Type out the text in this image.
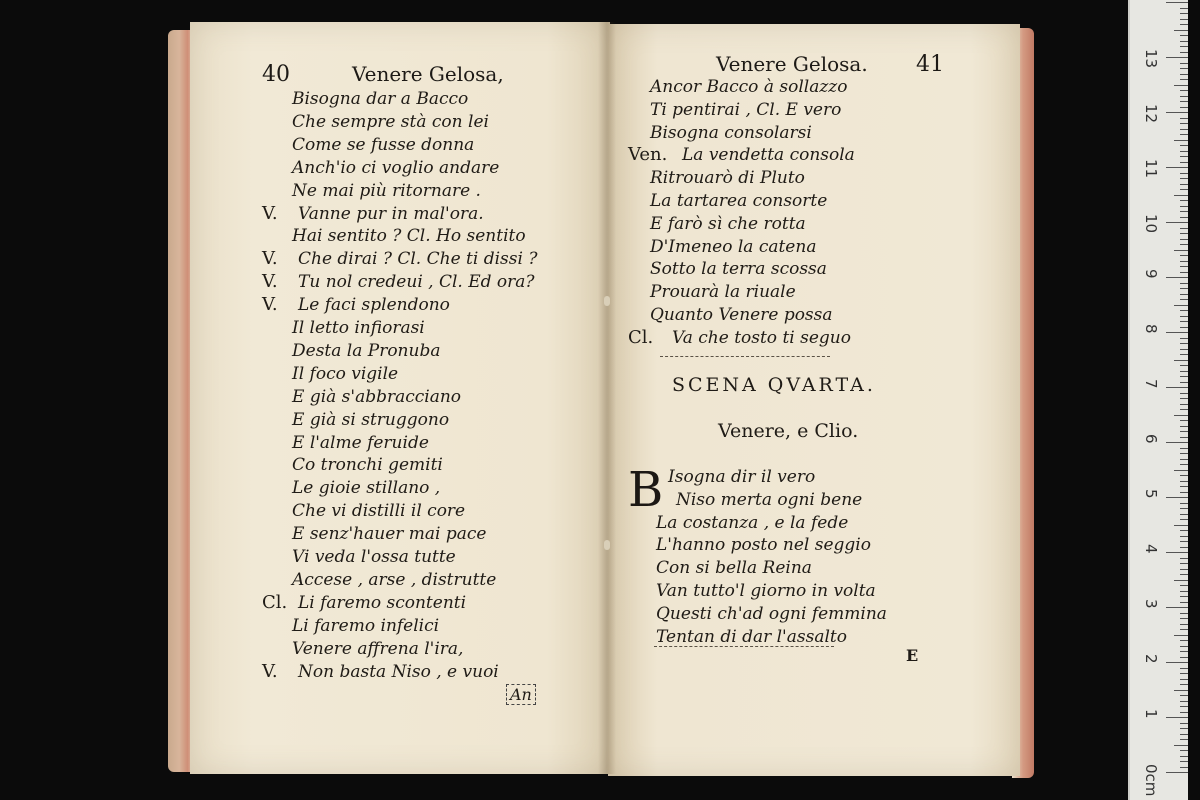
40	Venere Gelosa,
Bisogna dar a Bacco
Che sempre stà con lei
Come se fusse donna
Anch'io ci voglio andare
Ne mai più ritornare .
V. Vanne pur in mal'ora.
Hai sentito ? Cl. Ho sentito
V. Che dirai ? Cl. Che ti dissi ?
V. Tu nol credeui , Cl. Ed ora?
V. Le faci splendono
Il letto infiorasi
Desta la Pronuba
Il foco vigile
E già s'abbracciano
E già si struggono
E l'alme feruide
Co tronchi gemiti
Le gioie stillano ,
Che vi distilli il core
E senz'hauer mai pace
Vi veda l'ossa tutte
Accese , arse , distrutte
Cl. Li faremo scontenti
Li faremo infelici
Venere affrena l'ira,
V. Non basta Niso , e vuoi
An
Venere Gelosa. 41
Ancor Bacco à sollazzo
Ti pentirai , Cl. E vero
Bisogna consolarsi
Ven. La vendetta consola
Ritrouarò di Pluto
La tartarea consorte
E farò sì che rotta
D'Imeneo la catena
Sotto la terra scossa
Prouarà la riuale
Quanto Venere possa
Cl. Va che tosto ti seguo
SCENA QVARTA.
Venere, e Clio.
B Isogna dir il vero
Niso merta ogni bene
La costanza , e la fede
L'hanno posto nel seggio
Con si bella Reina
Van tutto'l giorno in volta
Questi ch'ad ogni femmina
Tentan di dar l'assalto
E
0cm
1
2
3
4
5
6
7
8
9
10
11
12
13
